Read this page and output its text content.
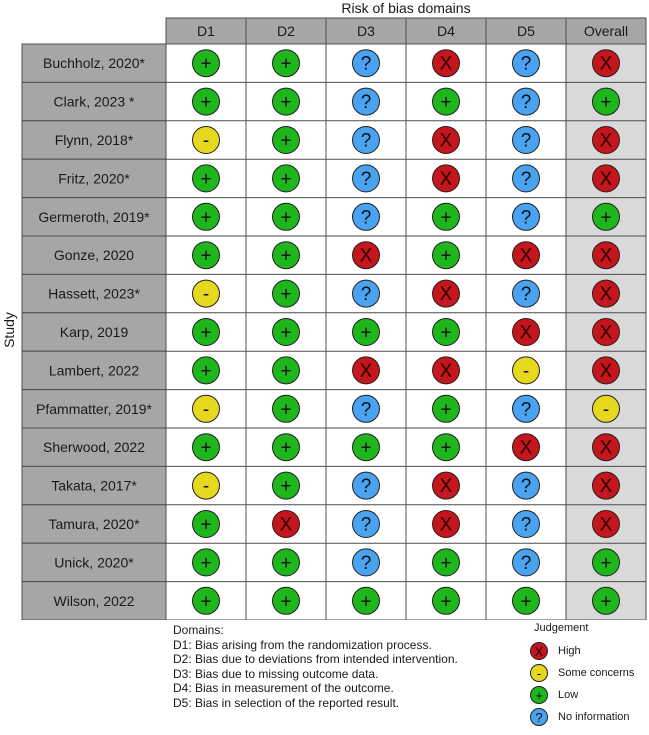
Risk of bias domains
Study
D1	D2	D3	D4	D5	Overall
Buchholz, 2020*	+	+	?	X	?	X
Clark, 2023 *	+	+	?	+	?	+
Flynn, 2018*	-	+	?	X	?	X
Fritz, 2020*	+	+	?	X	?	X
Germeroth, 2019*	+	+	?	+	?	+
Gonze, 2020	+	+	X	+	X	X
Hassett, 2023*	-	+	?	X	?	X
Karp, 2019	+	+	+	+	X	X
Lambert, 2022	+	+	X	X	-	X
Pfammatter, 2019*	-	+	?	+	?	-
Sherwood, 2022	+	+	+	+	X	X
Takata, 2017*	-	+	?	X	?	X
Tamura, 2020*	+	X	?	X	?	X
Unick, 2020*	+	+	?	+	?	+
Wilson, 2022	+	+	+	+	+	+
Domains:
D1: Bias arising from the randomization process.
D2: Bias due to deviations from intended intervention.
D3: Bias due to missing outcome data.
D4: Bias in measurement of the outcome.
D5: Bias in selection of the reported result.
Judgement
X	High
-	Some concerns
+	Low
?	No information
